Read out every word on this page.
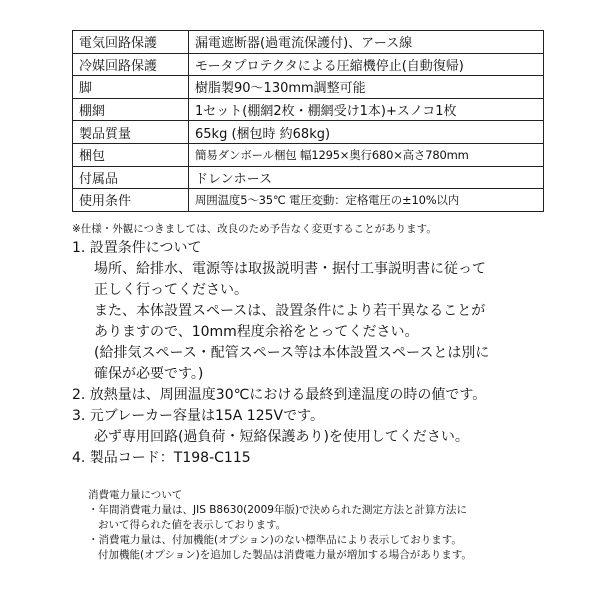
電気回路保護	漏電遮断器(過電流保護付)、アース線
冷媒回路保護	モータプロテクタによる圧縮機停止(自動復帰)
脚	樹脂製90～130mm調整可能
棚網	1セット(棚網2枚・棚網受け1本)+スノコ1枚
製品質量	65kg (梱包時 約68kg)
梱包	簡易ダンボール梱包 幅1295×奥行680×高さ780mm
付属品	ドレンホース
使用条件	周囲温度5～35℃ 電圧変動：定格電圧の±10%以内
※仕様・外観につきましては、改良のため予告なく変更することがあります。
1. 設置条件について
場所、給排水、電源等は取扱説明書・据付工事説明書に従って
正しく行ってください。
また、本体設置スペースは、設置条件により若干異なることが
ありますので、10mm程度余裕をとってください。
(給排気スペース・配管スペース等は本体設置スペースとは別に
確保が必要です。)
2. 放熱量は、周囲温度30℃における最終到達温度の時の値です。
3. 元ブレーカー容量は15A 125Vです。
必ず専用回路(過負荷・短絡保護あり)を使用してください。
4. 製品コード：T198-C115
消費電力量について
・年間消費電力量は、JIS B8630(2009年版)で決められた測定方法と計算方法に
おいて得られた値を表示しております。
・消費電力量は、付加機能(オプション)のない標準品により表示しております。
付加機能(オプション)を追加した製品は消費電力量が増加する場合があります。
